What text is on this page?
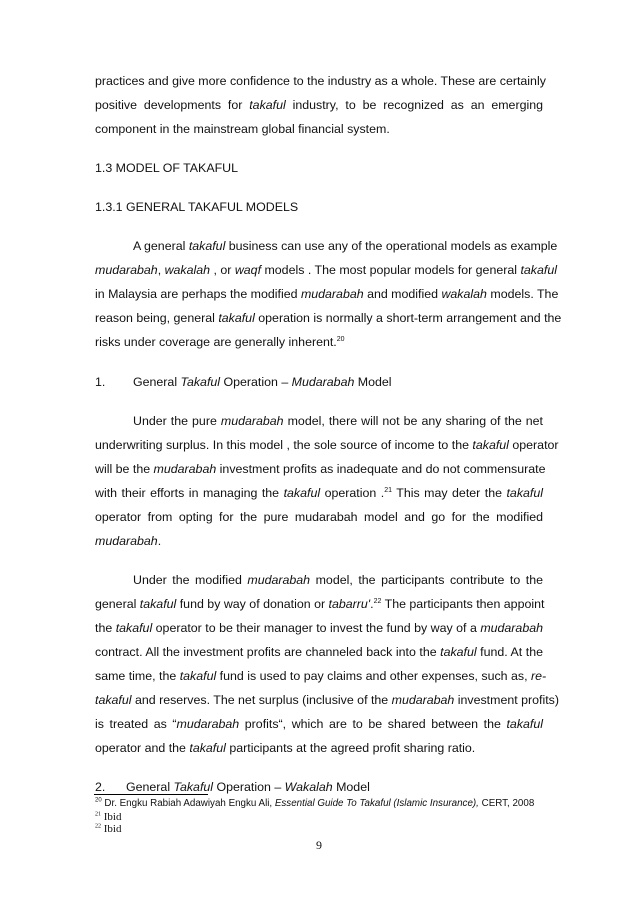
practices and give more confidence to the industry as a whole. These are certainly
positive developments for takaful industry, to be recognized as an emerging
component in the mainstream global financial system.
1.3 MODEL OF TAKAFUL
1.3.1 GENERAL TAKAFUL MODELS
A general takaful business can use any of the operational models as example
mudarabah, wakalah , or waqf models . The most popular models for general takaful
in Malaysia are perhaps the modified mudarabah and modified wakalah models. The
reason being, general takaful operation is normally a short-term arrangement and the
risks under coverage are generally inherent.$^{20}$
1. General Takaful Operation – Mudarabah Model
Under the pure mudarabah model, there will not be any sharing of the net
underwriting surplus. In this model , the sole source of income to the takaful operator
will be the mudarabah investment profits as inadequate and do not commensurate
with their efforts in managing the takaful operation .$^{21}$ This may deter the takaful
operator from opting for the pure mudarabah model and go for the modified
mudarabah.
Under the modified mudarabah model, the participants contribute to the
general takaful fund by way of donation or tabarru'.$^{22}$ The participants then appoint
the takaful operator to be their manager to invest the fund by way of a mudarabah
contract. All the investment profits are channeled back into the takaful fund. At the
same time, the takaful fund is used to pay claims and other expenses, such as, re-
takaful and reserves. The net surplus (inclusive of the mudarabah investment profits)
is treated as “mudarabah profits“, which are to be shared between the takaful
operator and the takaful participants at the agreed profit sharing ratio.
2. General Takaful Operation – Wakalah Model
$^{20}$ Dr. Engku Rabiah Adawiyah Engku Ali, Essential Guide To Takaful (Islamic Insurance), CERT, 2008
$^{21}$ Ibid
$^{22}$ Ibid
9
